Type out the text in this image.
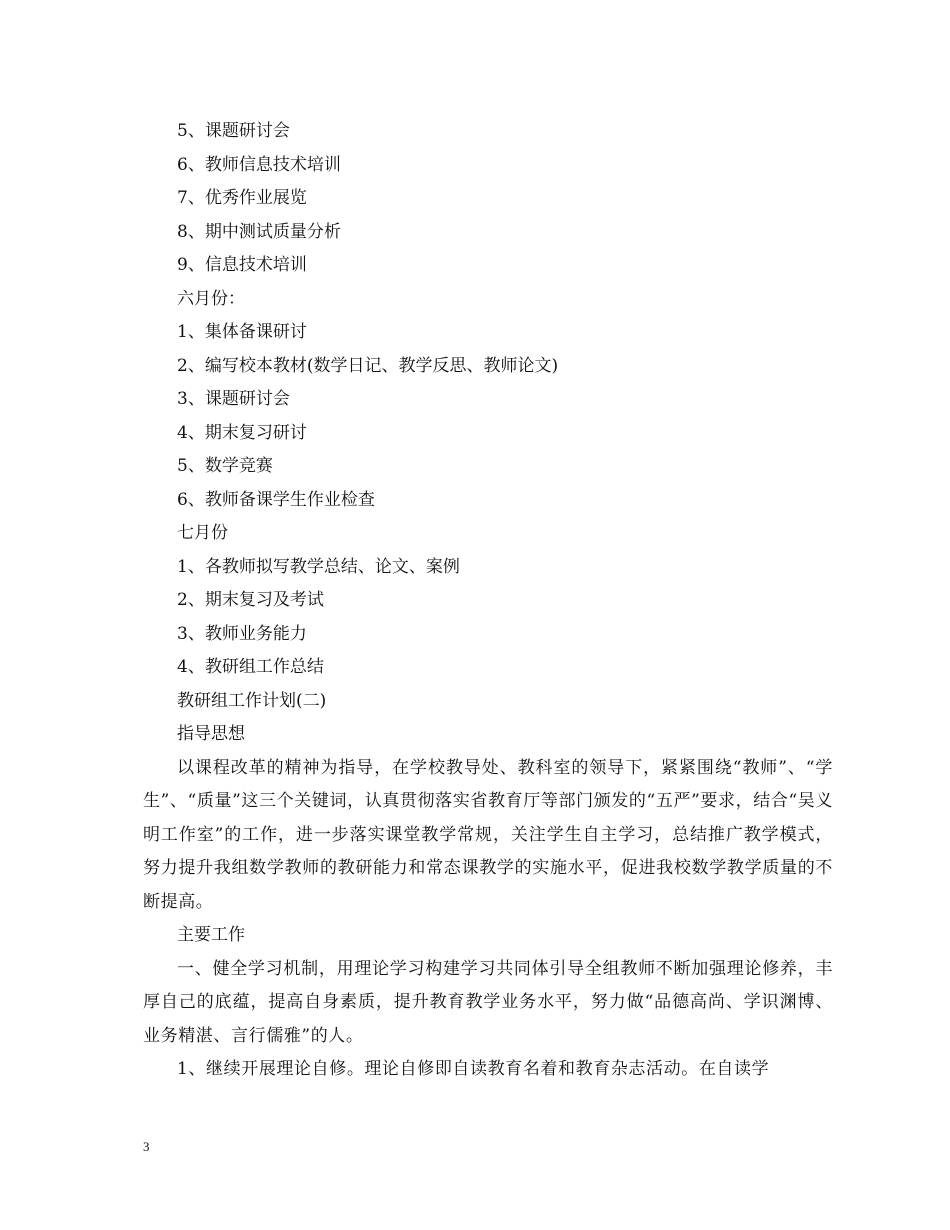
5、课题研讨会
6、教师信息技术培训
7、优秀作业展览
8、期中测试质量分析
9、信息技术培训
六月份：
1、集体备课研讨
2、编写校本教材(数学日记、教学反思、教师论文)
3、课题研讨会
4、期末复习研讨
5、数学竞赛
6、教师备课学生作业检查
七月份
1、各教师拟写教学总结、论文、案例
2、期末复习及考试
3、教师业务能力
4、教研组工作总结
教研组工作计划(二)
指导思想

以课程改革的精神为指导，在学校教导处、教科室的领导下，紧紧围绕“教师”、“学生”、“质量”这三个关键词，认真贯彻落实省教育厅等部门颁发的“五严”要求，结合“吴义明工作室”的工作，进一步落实课堂教学常规，关注学生自主学习，总结推广教学模式，努力提升我组数学教师的教研能力和常态课教学的实施水平，促进我校数学教学质量的不断提高。

主要工作

一、健全学习机制，用理论学习构建学习共同体引导全组教师不断加强理论修养，丰厚自己的底蕴，提高自身素质，提升教育教学业务水平，努力做“品德高尚、学识渊博、业务精湛、言行儒雅”的人。

1、继续开展理论自修。理论自修即自读教育名着和教育杂志活动。在自读学

3
